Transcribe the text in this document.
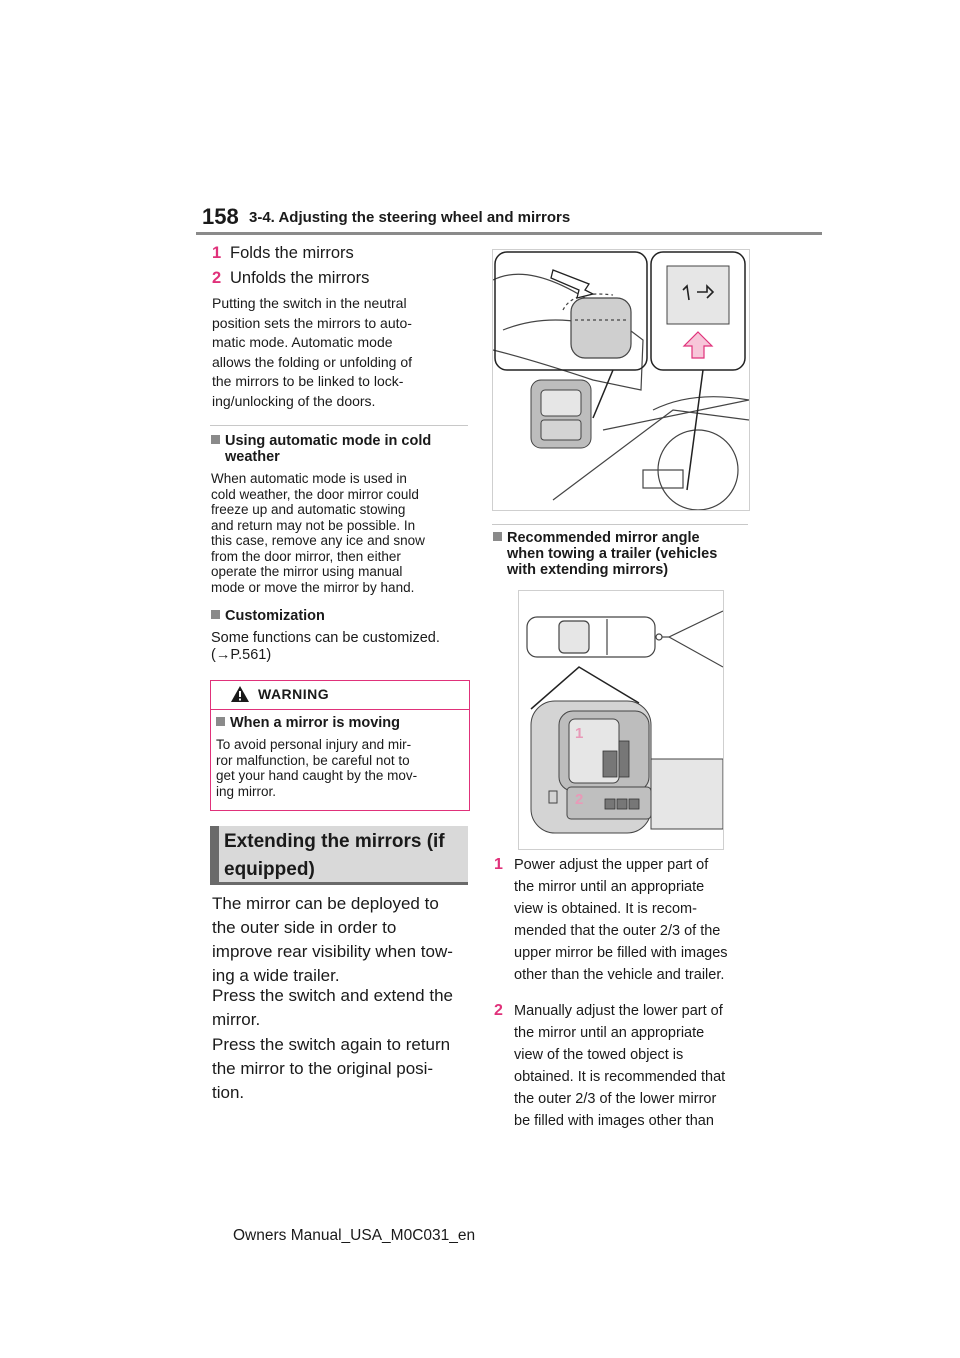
158 3-4. Adjusting the steering wheel and mirrors
1 Folds the mirrors
2 Unfolds the mirrors
Putting the switch in the neutral
position sets the mirrors to auto-
matic mode. Automatic mode
allows the folding or unfolding of
the mirrors to be linked to lock-
ing/unlocking of the doors.
Using automatic mode in cold
weather
When automatic mode is used in
cold weather, the door mirror could
freeze up and automatic stowing
and return may not be possible. In
this case, remove any ice and snow
from the door mirror, then either
operate the mirror using manual
mode or move the mirror by hand.
Customization
Some functions can be customized.
(→P.561)
WARNING
When a mirror is moving
To avoid personal injury and mir-
ror malfunction, be careful not to
get your hand caught by the mov-
ing mirror.
Extending the mirrors (if
equipped)
The mirror can be deployed to
the outer side in order to
improve rear visibility when tow-
ing a wide trailer.
Press the switch and extend the
mirror.
Press the switch again to return
the mirror to the original posi-
tion.
Recommended mirror angle
when towing a trailer (vehicles
with extending mirrors)
1
2
1 Power adjust the upper part of
the mirror until an appropriate
view is obtained. It is recom-
mended that the outer 2/3 of the
upper mirror be filled with images
other than the vehicle and trailer.
2 Manually adjust the lower part of
the mirror until an appropriate
view of the towed object is
obtained. It is recommended that
the outer 2/3 of the lower mirror
be filled with images other than
Owners Manual_USA_M0C031_en
